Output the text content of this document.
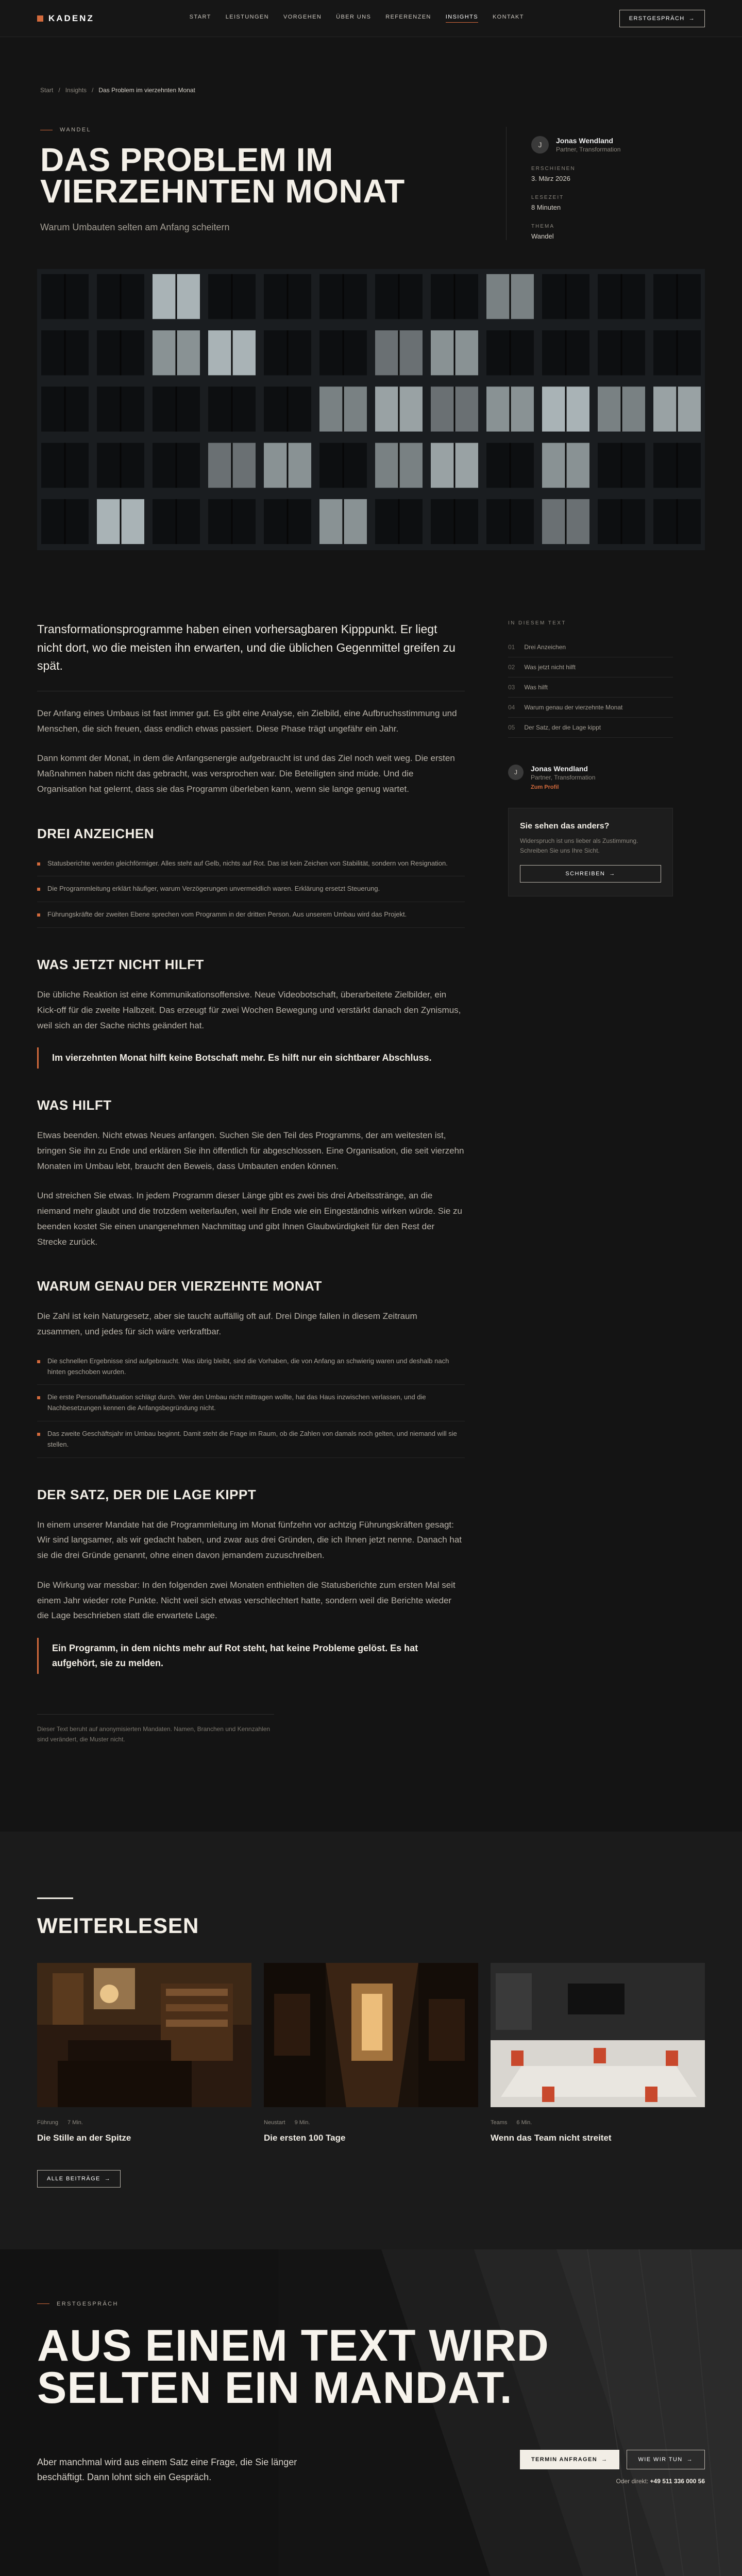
KADENZ	START	LEISTUNGEN	VORGEHEN	ÜBER UNS	REFERENZEN	INSIGHTS	KONTAKT	ERSTGESPRÄCH →
Start / Insights / Das Problem im vierzehnten Monat
WANDEL
DAS PROBLEM IM VIERZEHNTEN MONAT

Warum Umbauten selten am Anfang scheitern

J	Jonas Wendland
Partner, Transformation
ERSCHIENEN
3. März 2026
LESEZEIT
8 Minuten
THEMA
Wandel

Transformationsprogramme haben einen vorhersagbaren Kipppunkt. Er liegt nicht dort, wo die meisten ihn erwarten, und die üblichen Gegenmittel greifen zu spät.

Der Anfang eines Umbaus ist fast immer gut. Es gibt eine Analyse, ein Zielbild, eine Aufbruchsstimmung und Menschen, die sich freuen, dass endlich etwas passiert. Diese Phase trägt ungefähr ein Jahr.

Dann kommt der Monat, in dem die Anfangsenergie aufgebraucht ist und das Ziel noch weit weg. Die ersten Maßnahmen haben nicht das gebracht, was versprochen war. Die Beteiligten sind müde. Und die Organisation hat gelernt, dass sie das Programm überleben kann, wenn sie lange genug wartet.

DREI ANZEICHEN
Statusberichte werden gleichförmiger. Alles steht auf Gelb, nichts auf Rot. Das ist kein Zeichen von Stabilität, sondern von Resignation.
Die Programmleitung erklärt häufiger, warum Verzögerungen unvermeidlich waren. Erklärung ersetzt Steuerung.
Führungskräfte der zweiten Ebene sprechen vom Programm in der dritten Person. Aus unserem Umbau wird das Projekt.
WAS JETZT NICHT HILFT

Die übliche Reaktion ist eine Kommunikationsoffensive. Neue Videobotschaft, überarbeitete Zielbilder, ein Kick-off für die zweite Halbzeit. Das erzeugt für zwei Wochen Bewegung und verstärkt danach den Zynismus, weil sich an der Sache nichts geändert hat.

Im vierzehnten Monat hilft keine Botschaft mehr. Es hilft nur ein sichtbarer Abschluss.
WAS HILFT

Etwas beenden. Nicht etwas Neues anfangen. Suchen Sie den Teil des Programms, der am weitesten ist, bringen Sie ihn zu Ende und erklären Sie ihn öffentlich für abgeschlossen. Eine Organisation, die seit vierzehn Monaten im Umbau lebt, braucht den Beweis, dass Umbauten enden können.

Und streichen Sie etwas. In jedem Programm dieser Länge gibt es zwei bis drei Arbeitsstränge, an die niemand mehr glaubt und die trotzdem weiterlaufen, weil ihr Ende wie ein Eingeständnis wirken würde. Sie zu beenden kostet Sie einen unangenehmen Nachmittag und gibt Ihnen Glaubwürdigkeit für den Rest der Strecke zurück.

WARUM GENAU DER VIERZEHNTE MONAT

Die Zahl ist kein Naturgesetz, aber sie taucht auffällig oft auf. Drei Dinge fallen in diesem Zeitraum zusammen, und jedes für sich wäre verkraftbar.

Die schnellen Ergebnisse sind aufgebraucht. Was übrig bleibt, sind die Vorhaben, die von Anfang an schwierig waren und deshalb nach hinten geschoben wurden.
Die erste Personalfluktuation schlägt durch. Wer den Umbau nicht mittragen wollte, hat das Haus inzwischen verlassen, und die Nachbesetzungen kennen die Anfangsbegründung nicht.
Das zweite Geschäftsjahr im Umbau beginnt. Damit steht die Frage im Raum, ob die Zahlen von damals noch gelten, und niemand will sie stellen.
DER SATZ, DER DIE LAGE KIPPT

In einem unserer Mandate hat die Programmleitung im Monat fünfzehn vor achtzig Führungskräften gesagt: Wir sind langsamer, als wir gedacht haben, und zwar aus drei Gründen, die ich Ihnen jetzt nenne. Danach hat sie die drei Gründe genannt, ohne einen davon jemandem zuzuschreiben.

Die Wirkung war messbar: In den folgenden zwei Monaten enthielten die Statusberichte zum ersten Mal seit einem Jahr wieder rote Punkte. Nicht weil sich etwas verschlechtert hatte, sondern weil die Berichte wieder die Lage beschrieben statt die erwartete Lage.

Ein Programm, in dem nichts mehr auf Rot steht, hat keine Probleme gelöst. Es hat aufgehört, sie zu melden.

Dieser Text beruht auf anonymisierten Mandaten. Namen, Branchen und Kennzahlen sind verändert, die Muster nicht.

IN DIESEM TEXT
01 Drei Anzeichen
02 Was jetzt nicht hilft
03 Was hilft
04 Warum genau der vierzehnte Monat
05 Der Satz, der die Lage kippt
J	Jonas Wendland
Partner, Transformation
Zum Profil
Sie sehen das anders?
Widerspruch ist uns lieber als Zustimmung. Schreiben Sie uns Ihre Sicht.
SCHREIBEN →
WEITERLESEN
Führung 7 Min.
Die Stille an der Spitze
Neustart 9 Min.
Die ersten 100 Tage
Teams 6 Min.
Wenn das Team nicht streitet
ALLE BEITRÄGE →
ERSTGESPRÄCH
AUS EINEM TEXT WIRD SELTEN EIN MANDAT.

Aber manchmal wird aus einem Satz eine Frage, die Sie länger beschäftigt. Dann lohnt sich ein Gespräch.

TERMIN ANFRAGEN →	WIE WIR TUN →
Oder direkt: +49 511 336 000 56
